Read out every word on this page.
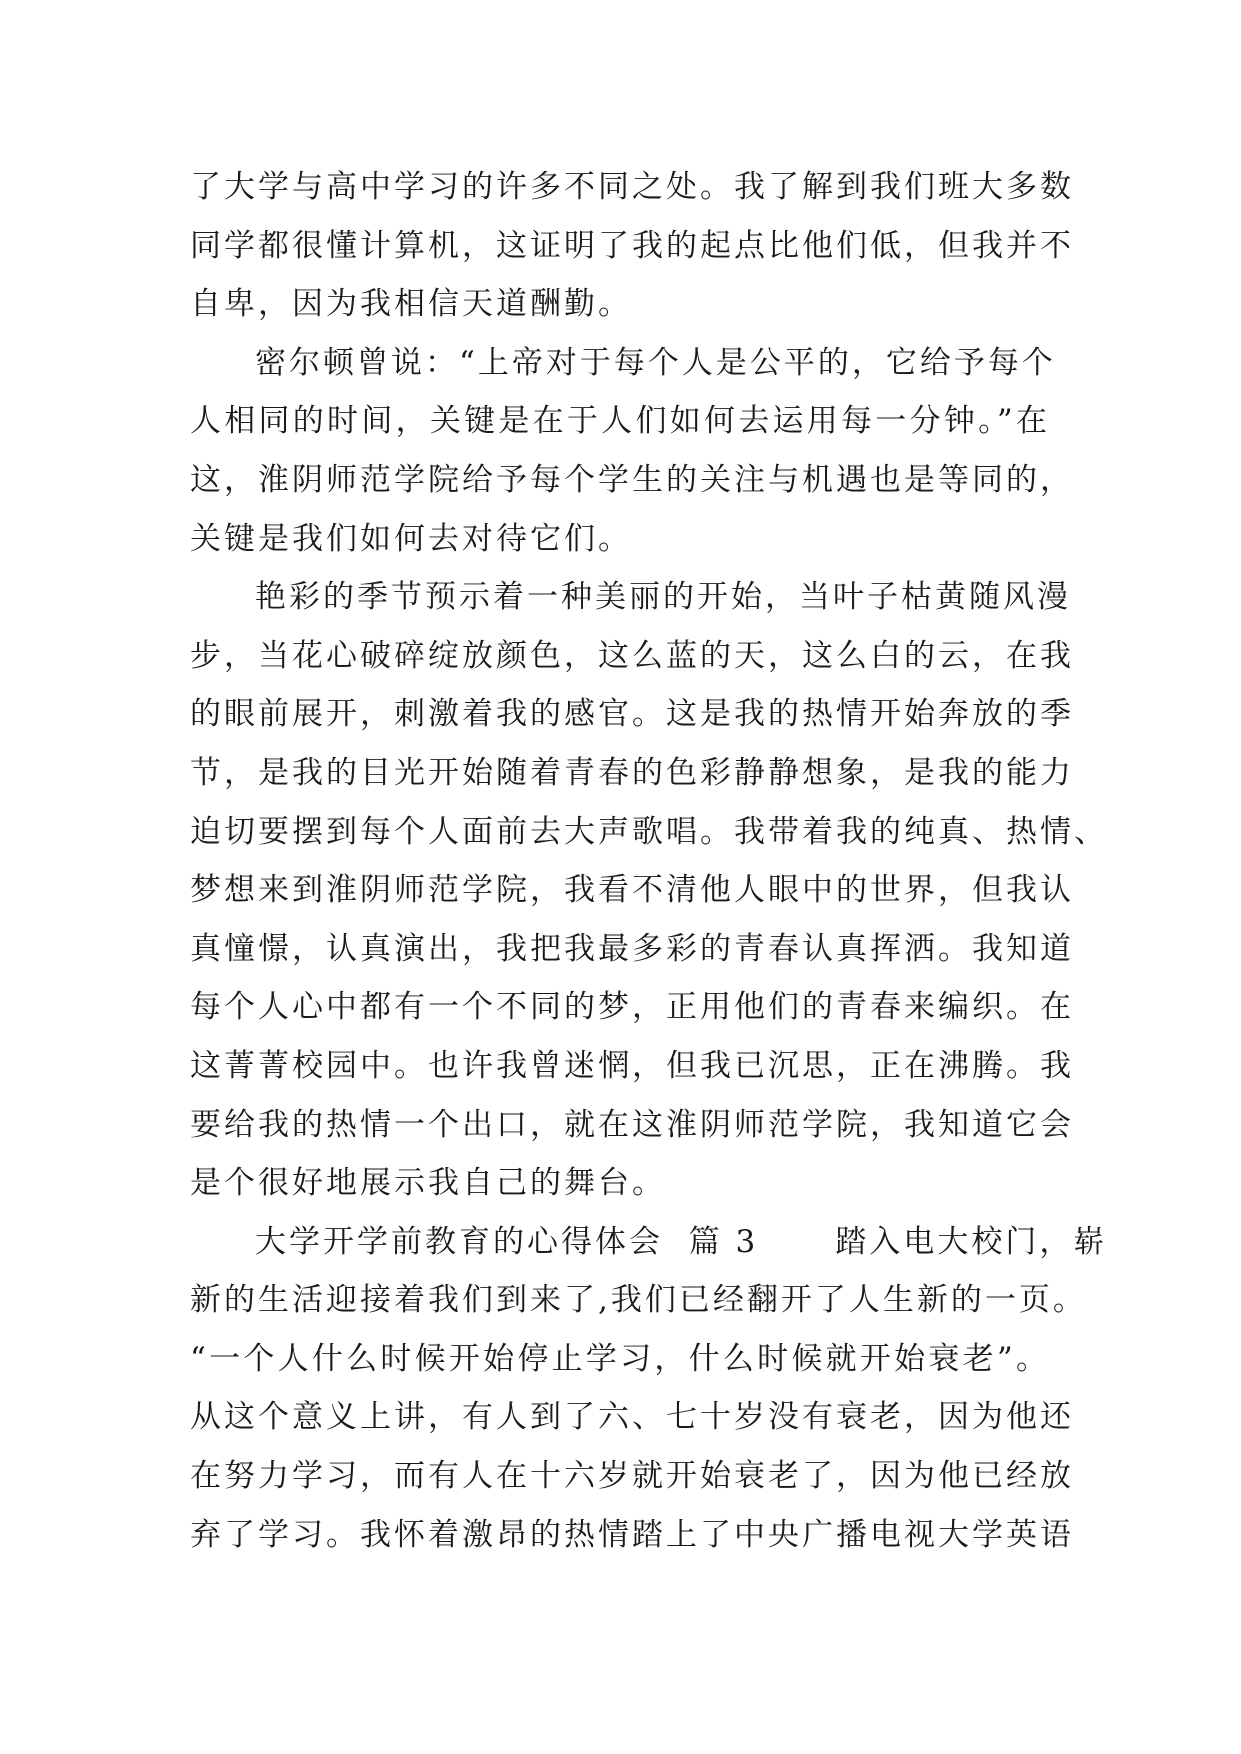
了大学与高中学习的许多不同之处。我了解到我们班大多数
同学都很懂计算机，这证明了我的起点比他们低，但我并不
自卑，因为我相信天道酬勤。
密尔顿曾说：“上帝对于每个人是公平的，它给予每个
人相同的时间，关键是在于人们如何去运用每一分钟。”在
这，淮阴师范学院给予每个学生的关注与机遇也是等同的，
关键是我们如何去对待它们。
艳彩的季节预示着一种美丽的开始，当叶子枯黄随风漫
步，当花心破碎绽放颜色，这么蓝的天，这么白的云，在我
的眼前展开，刺激着我的感官。这是我的热情开始奔放的季
节，是我的目光开始随着青春的色彩静静想象，是我的能力
迫切要摆到每个人面前去大声歌唱。我带着我的纯真、热情、
梦想来到淮阴师范学院，我看不清他人眼中的世界，但我认
真憧憬，认真演出，我把我最多彩的青春认真挥洒。我知道
每个人心中都有一个不同的梦，正用他们的青春来编织。在
这菁菁校园中。也许我曾迷惘，但我已沉思，正在沸腾。我
要给我的热情一个出口，就在这淮阴师范学院，我知道它会
是个很好地展示我自己的舞台。
大学开学前教育的心得体会  篇 3      踏入电大校门，崭
新的生活迎接着我们到来了,我们已经翻开了人生新的一页。
“一个人什么时候开始停止学习，什么时候就开始衰老”。
从这个意义上讲，有人到了六、七十岁没有衰老，因为他还
在努力学习，而有人在十六岁就开始衰老了，因为他已经放
弃了学习。我怀着激昂的热情踏上了中央广播电视大学英语
